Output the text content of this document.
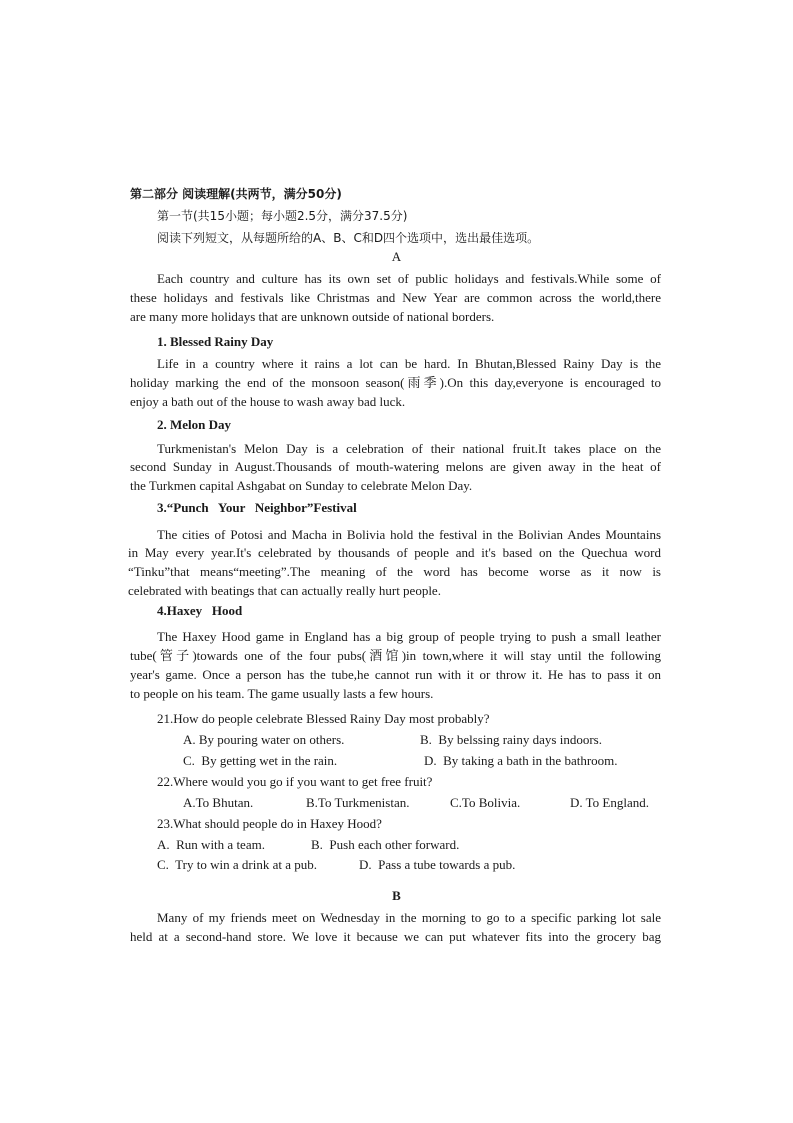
第二部分 阅读理解(共两节，满分50分)
第一节(共15小题；每小题2.5分，满分37.5分)
阅读下列短文，从每题所给的A、B、C和D四个选项中，选出最佳选项。
A
Each country and culture has its own set of public holidays and festivals.While some of
these holidays and festivals like Christmas and New Year are common across the world,there
are many more holidays that are unknown outside of national borders.
1. Blessed Rainy Day
Life in a country where it rains a lot can be hard. In Bhutan,Blessed Rainy Day is the
holiday marking the end of the monsoon season(雨季).On this day,everyone is encouraged to
enjoy a bath out of the house to wash away bad luck.
2. Melon Day
Turkmenistan's Melon Day is a celebration of their national fruit.It takes place on the
second Sunday in August.Thousands of mouth-watering melons are given away in the heat of
the Turkmen capital Ashgabat on Sunday to celebrate Melon Day.
3.“Punch   Your   Neighbor”Festival
The cities of Potosi and Macha in Bolivia hold the festival in the Bolivian Andes Mountains
in May every year.It's celebrated by thousands of people and it's based on the Quechua word
“Tinku”that means“meeting”.The meaning of the word has become worse as it now is
celebrated with beatings that can actually really hurt people.
4.Haxey   Hood
The Haxey Hood game in England has a big group of people trying to push a small leather
tube(管子)towards one of the four pubs(酒馆)in town,where it will stay until the following
year's game. Once a person has the tube,he cannot run with it or throw it. He has to pass it on
to people on his team. The game usually lasts a few hours.
21.How do people celebrate Blessed Rainy Day most probably?
A. By pouring water on others.	B.  By belssing rainy days indoors.
C.  By getting wet in the rain.	D.  By taking a bath in the bathroom.
22.Where would you go if you want to get free fruit?
A.To Bhutan.	B.To Turkmenistan.	C.To Bolivia.	D. To England.
23.What should people do in Haxey Hood?
A.  Run with a team.	B.  Push each other forward.
C.  Try to win a drink at a pub.	D.  Pass a tube towards a pub.
B
Many of my friends meet on Wednesday in the morning to go to a specific parking lot sale
held at a second-hand store. We love it because we can put whatever fits into the grocery bag
